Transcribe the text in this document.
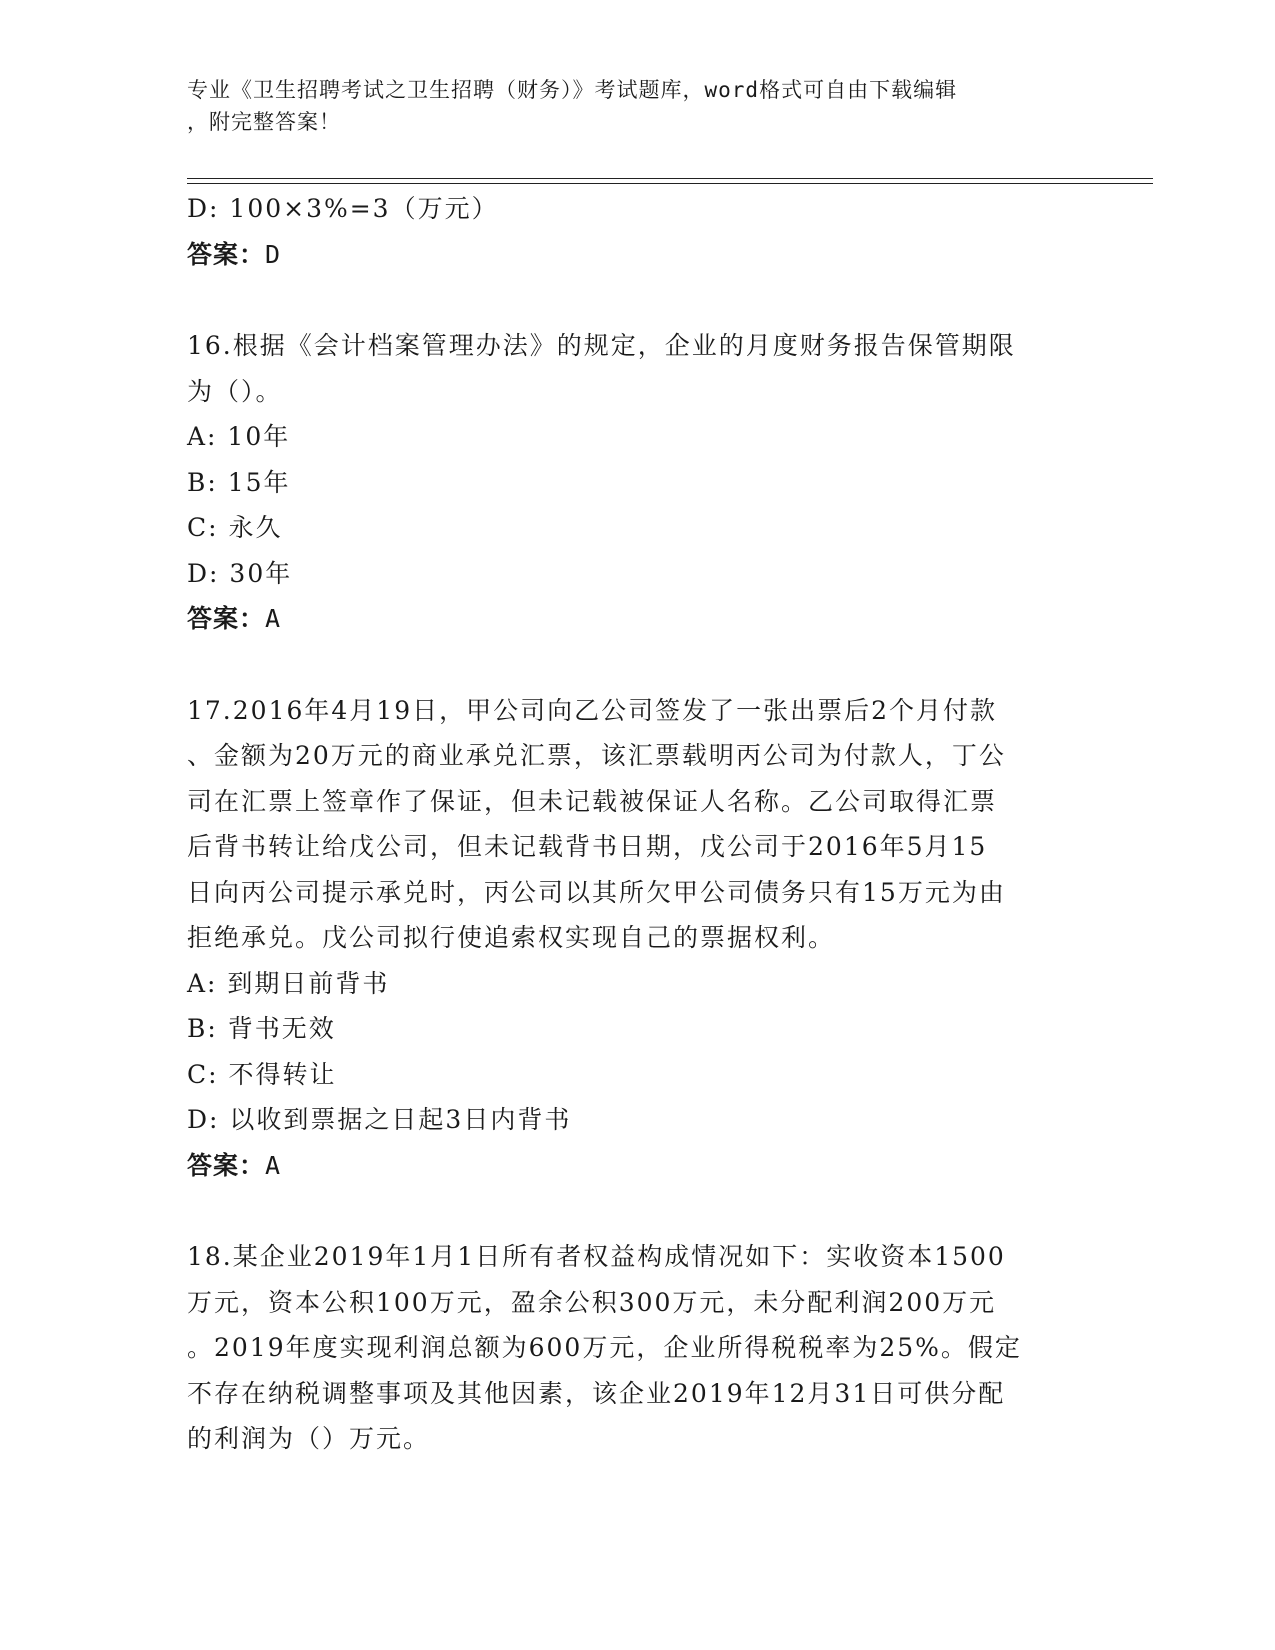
专业《卫生招聘考试之卫生招聘（财务）》考试题库，word格式可自由下载编辑
，附完整答案！
D: 100×3%=3（万元）
答案：D
16.根据《会计档案管理办法》的规定，企业的月度财务报告保管期限
为（）。
A: 10年
B: 15年
C: 永久
D: 30年
答案：A
17.2016年4月19日，甲公司向乙公司签发了一张出票后2个月付款
、金额为20万元的商业承兑汇票，该汇票载明丙公司为付款人，丁公
司在汇票上签章作了保证，但未记载被保证人名称。乙公司取得汇票
后背书转让给戊公司，但未记载背书日期，戊公司于2016年5月15
日向丙公司提示承兑时，丙公司以其所欠甲公司债务只有15万元为由
拒绝承兑。戊公司拟行使追索权实现自己的票据权利。
A: 到期日前背书
B: 背书无效
C: 不得转让
D: 以收到票据之日起3日内背书
答案：A
18.某企业2019年1月1日所有者权益构成情况如下：实收资本1500
万元，资本公积100万元，盈余公积300万元，未分配利润200万元
。2019年度实现利润总额为600万元，企业所得税税率为25%。假定
不存在纳税调整事项及其他因素，该企业2019年12月31日可供分配
的利润为（）万元。
